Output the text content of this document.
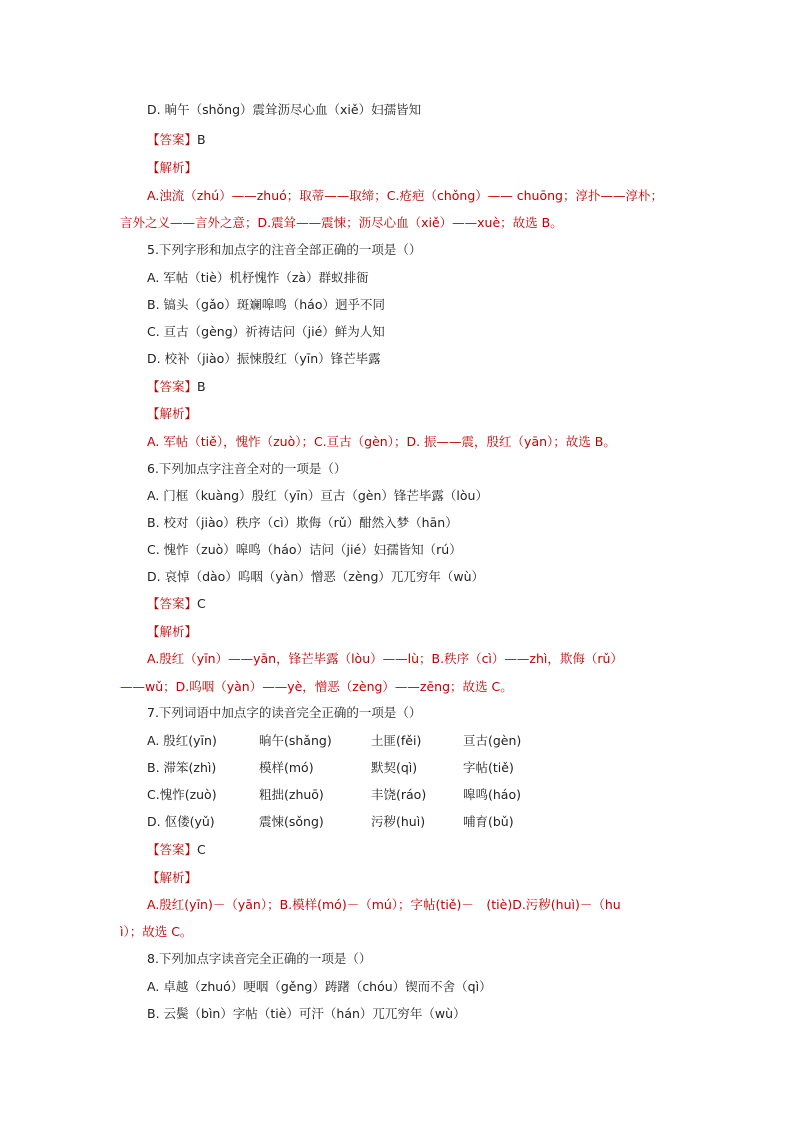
D. 晌午（shǒng）震耸沥尽心血（xiě）妇孺皆知
【答案】B
【解析】
A.浊流（zhú）——zhuó；取蒂——取缔；C.疮疤（chǒng）—— chuōng；淳扑——淳朴；
言外之义——言外之意；D.震耸——震悚；沥尽心血（xiě）——xuè；故选 B。
5.下列字形和加点字的注音全部正确的一项是（）
A. 军帖（tiè）机杼愧怍（zà）群蚁排衙
B. 镐头（gǎo）斑斓嗥鸣（háo）迥乎不同
C. 亘古（gèng）祈祷诘问（jié）鲜为人知
D. 校补（jiào）振悚殷红（yīn）锋芒毕露
【答案】B
【解析】
A. 军帖（tiě），愧怍（zuò）；C.亘古（gèn）；D. 振——震，殷红（yān）；故选 B。
6.下列加点字注音全对的一项是（）
A. 门框（kuàng）殷红（yīn）亘古（gèn）锋芒毕露（lòu）
B. 校对（jiào）秩序（cì）欺侮（rǔ）酣然入梦（hān）
C. 愧怍（zuò）嗥鸣（háo）诘问（jié）妇孺皆知（rú）
D. 哀悼（dào）呜咽（yàn）憎恶（zèng）兀兀穷年（wù）
【答案】C
【解析】
A.殷红（yīn）——yān，锋芒毕露（lòu）——lù；B.秩序（cì）——zhì，欺侮（rǔ）
——wǔ；D.呜咽（yàn）——yè，憎恶（zèng）——zēng；故选 C。
7.下列词语中加点字的读音完全正确的一项是（）
A. 殷红(yīn)	晌午(shǎng)	土匪(fěi)	亘古(gèn)
B. 滞笨(zhì)	模样(mó)	默契(qì)	字帖(tiě)
C.愧怍(zuò)	粗拙(zhuō)	丰饶(ráo)	嗥鸣(háo)
D. 伛偻(yǔ)	震悚(sǒng)	污秽(huì)	哺育(bǔ)
【答案】C
【解析】
A.殷红(yīn)－（yān）；B.模样(mó)－（mú）；字帖(tiě)－　(tiè)D.污秽(huì)－（hu
ì）；故选 C。
8.下列加点字读音完全正确的一项是（）
A. 卓越（zhuó）哽咽（gěng）踌躇（chóu）锲而不舍（qì）
B. 云鬓（bìn）字帖（tiè）可汗（hán）兀兀穷年（wù）
